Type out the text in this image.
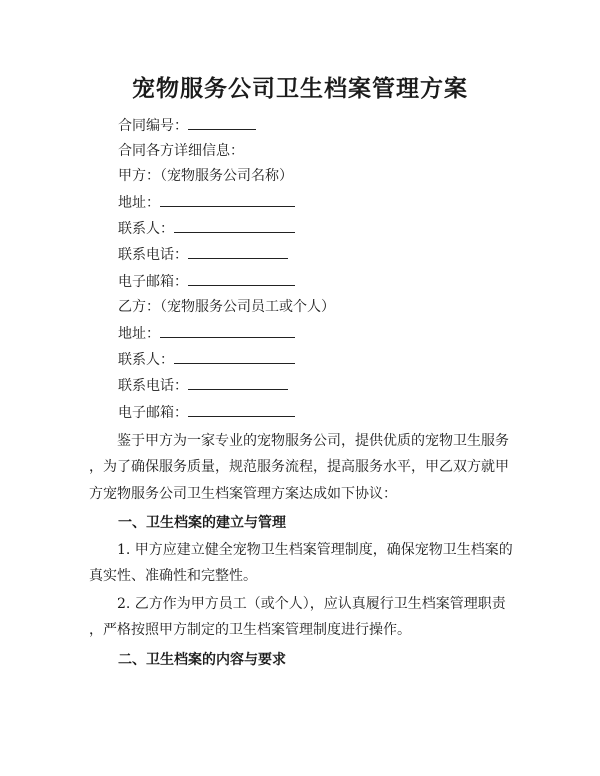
宠物服务公司卫生档案管理方案
合同编号：
合同各方详细信息：
甲方：（宠物服务公司名称）
地址：
联系人：
联系电话：
电子邮箱：
乙方：（宠物服务公司员工或个人）
地址：
联系人：
联系电话：
电子邮箱：
鉴于甲方为一家专业的宠物服务公司，提供优质的宠物卫生服务
，为了确保服务质量，规范服务流程，提高服务水平，甲乙双方就甲
方宠物服务公司卫生档案管理方案达成如下协议：
一、卫生档案的建立与管理
1. 甲方应建立健全宠物卫生档案管理制度，确保宠物卫生档案的
真实性、准确性和完整性。
2. 乙方作为甲方员工（或个人），应认真履行卫生档案管理职责
，严格按照甲方制定的卫生档案管理制度进行操作。
二、卫生档案的内容与要求
